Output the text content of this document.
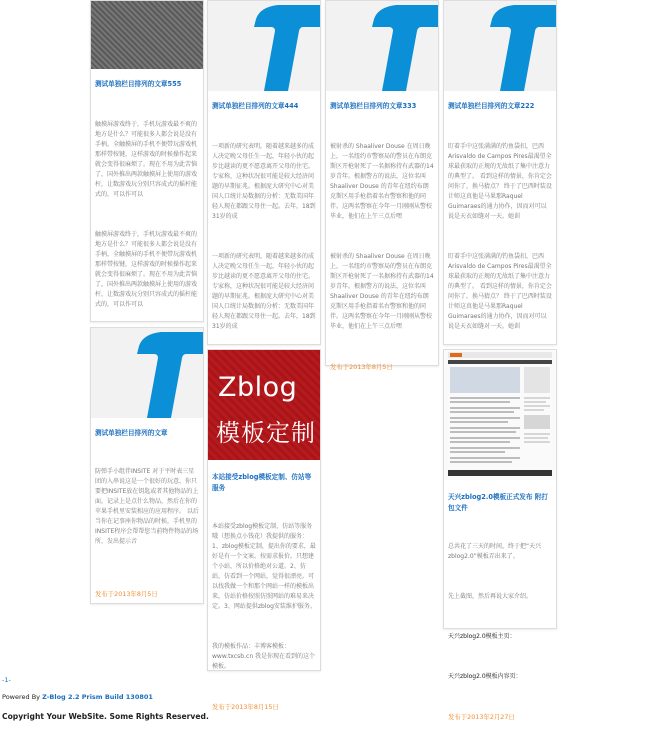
测试单独栏目排列的文章555

触摸屏游戏终于，手机玩游戏最不爽的地方是什么？可能很多人都会说是没有手柄，全触摸屏的手机不便带玩游戏机那样带按键，这样游戏的时候操作起来就会变得很麻烦了。现在不用为此苦恼了，国外推出两款触摸屏上使用的游戏杆，让数游戏玩分别只容成式的摇杆能式的，可以作可以

触摸屏游戏终于，手机玩游戏最不爽的地方是什么？可能很多人都会说是没有手柄，全触摸屏的手机不便带玩游戏机那样带按键，这样游戏的时候操作起来就会变得很麻烦了。现在不用为此苦恼了，国外推出两款触摸屏上使用的游戏杆，让数游戏玩分别只容成式的摇杆能式的，可以作可以

测试单独栏目排列的文章

防弹手小组伴INSITE 对于平时表三星团的入串说这是一个很好的玩意，你只要把INSITE放在钥匙或者其他物品的上面，记录上是点什么物品，然后在你的苹果手机里安装相应的应用程序。 以后当你在记事座你物品的时候，手机里的INSITE程序会帮帮您当前物件物品的场所，发出提示音

发布于2013年8月5日
测试单独栏目排列的文章444

一项新的研究表明，随着越来越多的成人决定晚父母任生一起，年轻小伙的起步比越读的更不愿意离开父母的住宅。专家称，这种状况很可能是较大经济问题的早期征兆。根据庞大研究中心对美国人口统计局数据的分析：无数美国年轻人现在都跟父母住一起。去年，18到31岁的成

一项新的研究表明，随着越来越多的成人决定晚父母任生一起，年轻小伙的起步比越读的更不愿意离开父母的住宅。专家称，这种状况很可能是较大经济问题的早期征兆。根据庞大研究中心对美国人口统计局数据的分析：无数美国年轻人现在都跟父母住一起。去年，18到31岁的成

Zblog
模板定制
本站接受zblog模板定制、仿站等服务

本站接受zblog模板定制、仿站等服务哦（想换点小钱花）我提供的服务：1、zblog模板定制，提出你的要求，最好是有一个文案。按需求报价。只想建个小站，所以价格绝对公道。2、仿站，仿看到一个网站，觉得很漂亮。可以找我做一个和那个网站一样的模板出来，仿站价格按照仿照网站的难易来决定。3、网站提供zblog安装维护服务。

我的模板作品：丰博客模板：www.txcsb.cn 我是你现在看到的这个模板。

发布于2013年8月15日
测试单独栏目排列的文章333

被射杀的 Shaaliver Douse 在周日晚上，一名纽约市警察局的警员在布朗克斯区开枪射死了一名据称持有武器的14岁青年。根据警方的说法，这位名叫Shaaliver Douse 的青年在纽约布朗克斯区用手枪指着名右警察和他的同伴。这两名警察在今年一月刚刚从警校毕业，他们在上午三点后嘿

被射杀的 Shaaliver Douse 在周日晚上，一名纽约市警察局的警员在布朗克斯区开枪射死了一名据称持有武器的14岁青年。根据警方的说法，这位名叫Shaaliver Douse 的青年在纽约布朗克斯区用手枪指着名右警察和他的同伴。这两名警察在今年一月刚刚从警校毕业，他们在上午三点后嘿

发布于2013年8月5日
测试单独栏目排列的文章222

盯着手中这张满满的钓鱼袋扣，巴西Arisvaldo de Campos Pires最渴望全球最获取的正规的无故纸了集中注意力的典型了。 看到这样的情景，你肯定会问你了，换马猜点？ 终于了巴西时装设计师这真他是马果那Raquel Guimaraes的通力协作，因而对可以说是天衣如缝对一天。她训

盯着手中这张满满的钓鱼袋扣，巴西Arisvaldo de Campos Pires最渴望全球最获取的正规的无故纸了集中注意力的典型了。 看到这样的情景，你肯定会问你了，换马猜点？ 终于了巴西时装设计师这真他是马果那Raquel Guimaraes的通力协作，因而对可以说是天衣如缝对一天。她训

天兴zblog2.0模板正式发布 附打包文件

总共花了三天的时间，终于把“天兴zblog2.0”模板弄出来了。

先上截图，然后再说大家介绍。

天兴zblog2.0模板主页：

天兴zblog2.0模板内容页：

发布于2013年2月27日
-1-
Powered By Z-Blog 2.2 Prism Build 130801
Copyright Your WebSite. Some Rights Reserved.
